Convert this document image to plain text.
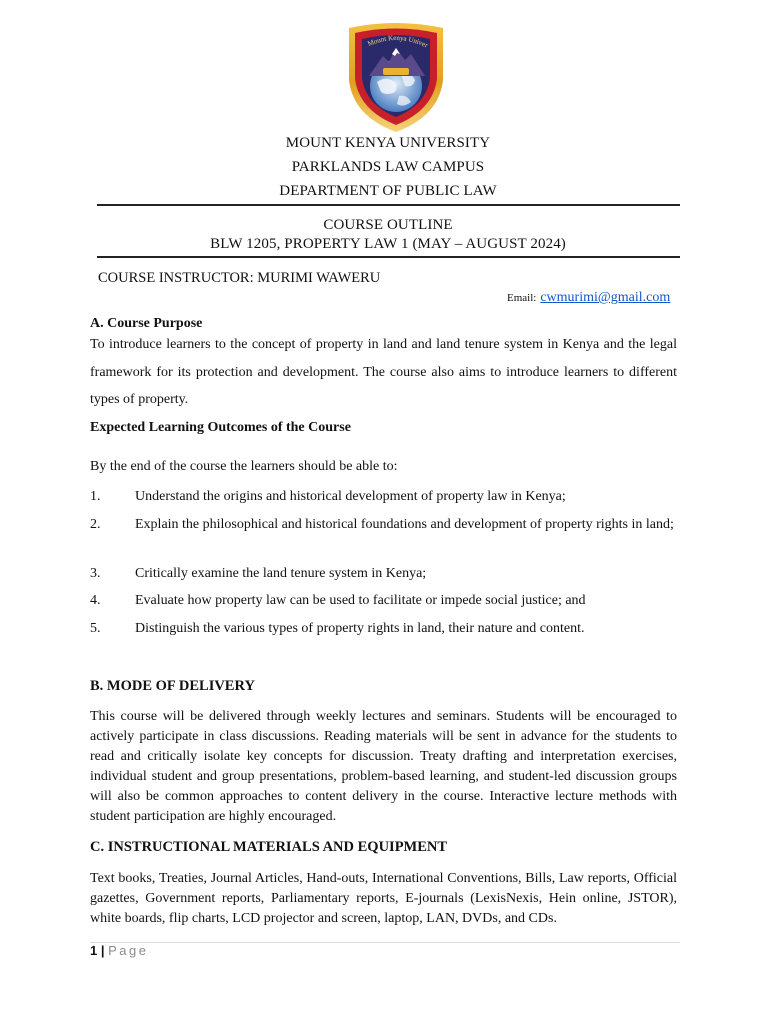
Mount Kenya Univer
MOUNT KENYA UNIVERSITY
PARKLANDS LAW CAMPUS
DEPARTMENT OF PUBLIC LAW
COURSE OUTLINE
BLW 1205, PROPERTY LAW 1 (MAY – AUGUST 2024)
COURSE INSTRUCTOR: MURIMI WAWERU
Email: cwmurimi@gmail.com
A. Course Purpose
To introduce learners to the concept of property in land and land tenure system in Kenya and the legal framework for its protection and development. The course also aims to introduce learners to different types of property.
Expected Learning Outcomes of the Course
By the end of the course the learners should be able to:
1. Understand the origins and historical development of property law in Kenya;
2. Explain the philosophical and historical foundations and development of property rights in land;
3. Critically examine the land tenure system in Kenya;
4. Evaluate how property law can be used to facilitate or impede social justice; and
5. Distinguish the various types of property rights in land, their nature and content.
B. MODE OF DELIVERY
This course will be delivered through weekly lectures and seminars. Students will be encouraged to actively participate in class discussions. Reading materials will be sent in advance for the students to read and critically isolate key concepts for discussion. Treaty drafting and interpretation exercises, individual student and group presentations, problem-based learning, and student-led discussion groups will also be common approaches to content delivery in the course. Interactive lecture methods with student participation are highly encouraged.
C. INSTRUCTIONAL MATERIALS AND EQUIPMENT
Text books, Treaties, Journal Articles, Hand-outs, International Conventions, Bills, Law reports, Official gazettes, Government reports, Parliamentary reports, E-journals (LexisNexis, Hein online, JSTOR), white boards, flip charts, LCD projector and screen, laptop, LAN, DVDs, and CDs.
1 | Page
